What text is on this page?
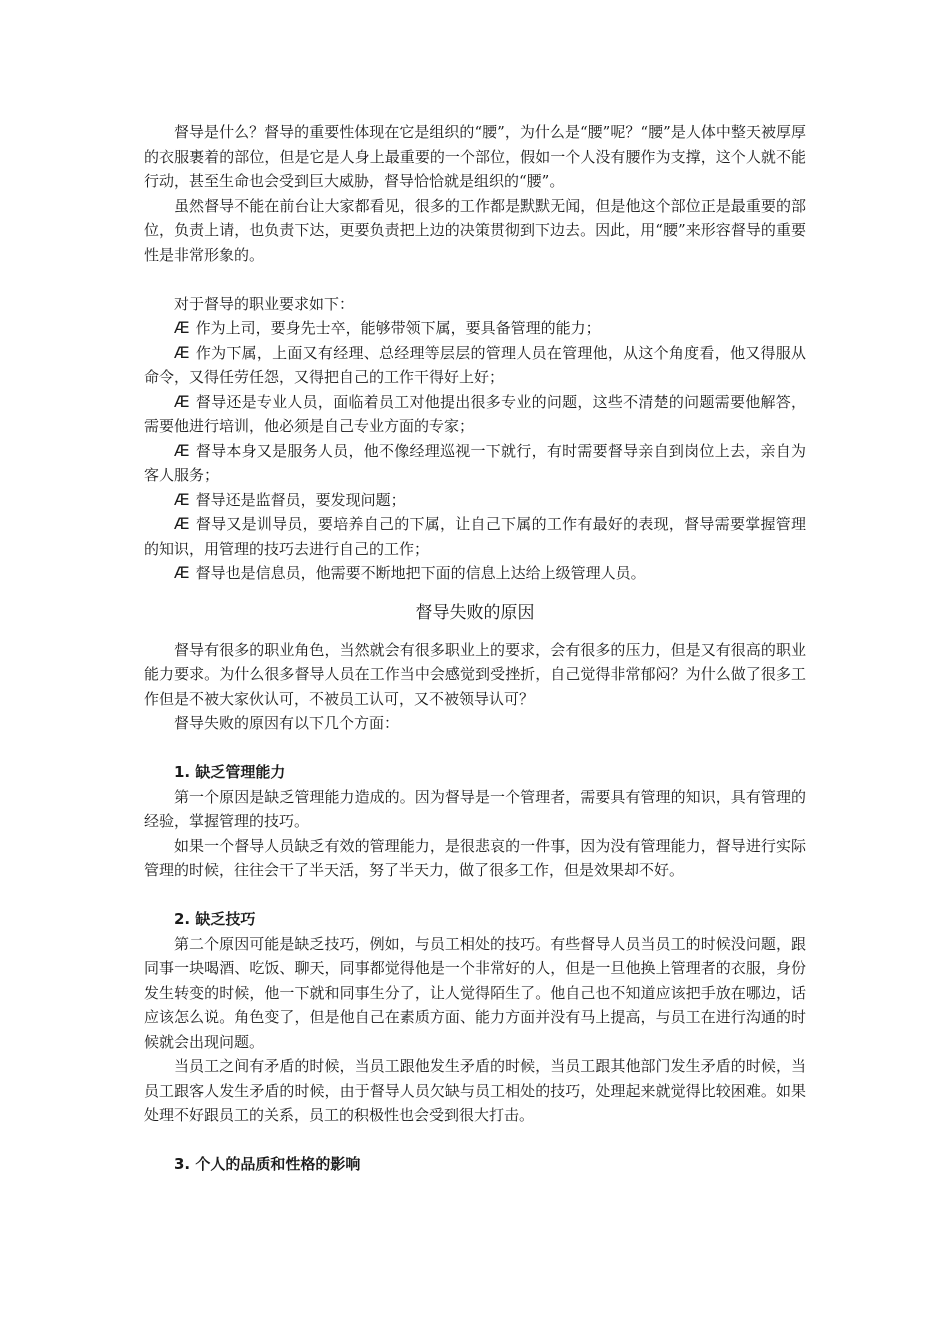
督导是什么？督导的重要性体现在它是组织的“腰”，为什么是“腰”呢？“腰”是人体中整天被厚厚的衣服裹着的部位，但是它是人身上最重要的一个部位，假如一个人没有腰作为支撑，这个人就不能行动，甚至生命也会受到巨大威胁，督导恰恰就是组织的“腰”。

虽然督导不能在前台让大家都看见，很多的工作都是默默无闻，但是他这个部位正是最重要的部位，负责上请，也负责下达，更要负责把上边的决策贯彻到下边去。因此，用“腰”来形容督导的重要性是非常形象的。

对于督导的职业要求如下：

Æ 作为上司，要身先士卒，能够带领下属，要具备管理的能力；

Æ 作为下属，上面又有经理、总经理等层层的管理人员在管理他，从这个角度看，他又得服从命令，又得任劳任怨，又得把自己的工作干得好上好；

Æ 督导还是专业人员，面临着员工对他提出很多专业的问题，这些不清楚的问题需要他解答，需要他进行培训，他必须是自己专业方面的专家；

Æ 督导本身又是服务人员，他不像经理巡视一下就行，有时需要督导亲自到岗位上去，亲自为客人服务；

Æ 督导还是监督员，要发现问题；

Æ 督导又是训导员，要培养自己的下属，让自己下属的工作有最好的表现，督导需要掌握管理的知识，用管理的技巧去进行自己的工作；

Æ 督导也是信息员，他需要不断地把下面的信息上达给上级管理人员。

督导失败的原因

督导有很多的职业角色，当然就会有很多职业上的要求，会有很多的压力，但是又有很高的职业能力要求。为什么很多督导人员在工作当中会感觉到受挫折，自己觉得非常郁闷？为什么做了很多工作但是不被大家伙认可，不被员工认可，又不被领导认可？

督导失败的原因有以下几个方面：

1. 缺乏管理能力

第一个原因是缺乏管理能力造成的。因为督导是一个管理者，需要具有管理的知识，具有管理的经验，掌握管理的技巧。

如果一个督导人员缺乏有效的管理能力，是很悲哀的一件事，因为没有管理能力，督导进行实际管理的时候，往往会干了半天活，努了半天力，做了很多工作，但是效果却不好。

2. 缺乏技巧

第二个原因可能是缺乏技巧，例如，与员工相处的技巧。有些督导人员当员工的时候没问题，跟同事一块喝酒、吃饭、聊天，同事都觉得他是一个非常好的人，但是一旦他换上管理者的衣服，身份发生转变的时候，他一下就和同事生分了，让人觉得陌生了。他自己也不知道应该把手放在哪边，话应该怎么说。角色变了，但是他自己在素质方面、能力方面并没有马上提高，与员工在进行沟通的时候就会出现问题。

当员工之间有矛盾的时候，当员工跟他发生矛盾的时候，当员工跟其他部门发生矛盾的时候，当员工跟客人发生矛盾的时候，由于督导人员欠缺与员工相处的技巧，处理起来就觉得比较困难。如果处理不好跟员工的关系，员工的积极性也会受到很大打击。

3. 个人的品质和性格的影响
